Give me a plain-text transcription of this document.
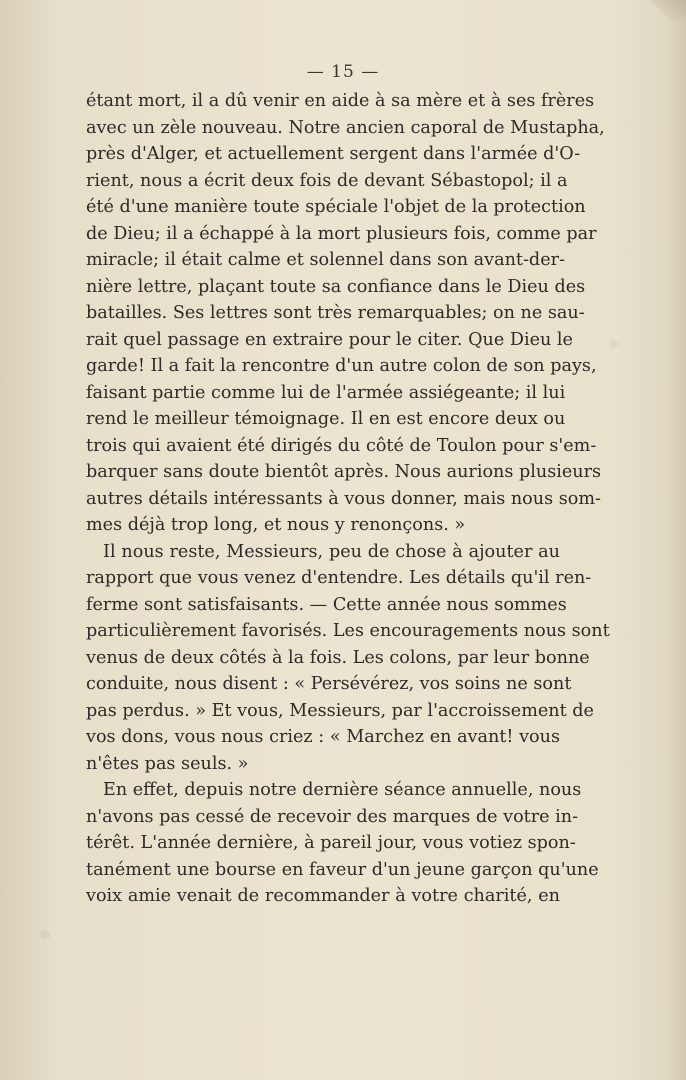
— 15 —
étant mort, il a dû venir en aide à sa mère et à ses frères
avec un zèle nouveau. Notre ancien caporal de Mustapha,
près d'Alger, et actuellement sergent dans l'armée d'O-
rient, nous a écrit deux fois de devant Sébastopol; il a
été d'une manière toute spéciale l'objet de la protection
de Dieu; il a échappé à la mort plusieurs fois, comme par
miracle; il était calme et solennel dans son avant-der-
nière lettre, plaçant toute sa confiance dans le Dieu des
batailles. Ses lettres sont très remarquables; on ne sau-
rait quel passage en extraire pour le citer. Que Dieu le
garde! Il a fait la rencontre d'un autre colon de son pays,
faisant partie comme lui de l'armée assiégeante; il lui
rend le meilleur témoignage. Il en est encore deux ou
trois qui avaient été dirigés du côté de Toulon pour s'em-
barquer sans doute bientôt après. Nous aurions plusieurs
autres détails intéressants à vous donner, mais nous som-
mes déjà trop long, et nous y renonçons. »
Il nous reste, Messieurs, peu de chose à ajouter au
rapport que vous venez d'entendre. Les détails qu'il ren-
ferme sont satisfaisants. — Cette année nous sommes
particulièrement favorisés. Les encouragements nous sont
venus de deux côtés à la fois. Les colons, par leur bonne
conduite, nous disent : « Persévérez, vos soins ne sont
pas perdus. » Et vous, Messieurs, par l'accroissement de
vos dons, vous nous criez : « Marchez en avant! vous
n'êtes pas seuls. »
En effet, depuis notre dernière séance annuelle, nous
n'avons pas cessé de recevoir des marques de votre in-
térêt. L'année dernière, à pareil jour, vous votiez spon-
tanément une bourse en faveur d'un jeune garçon qu'une
voix amie venait de recommander à votre charité, en
